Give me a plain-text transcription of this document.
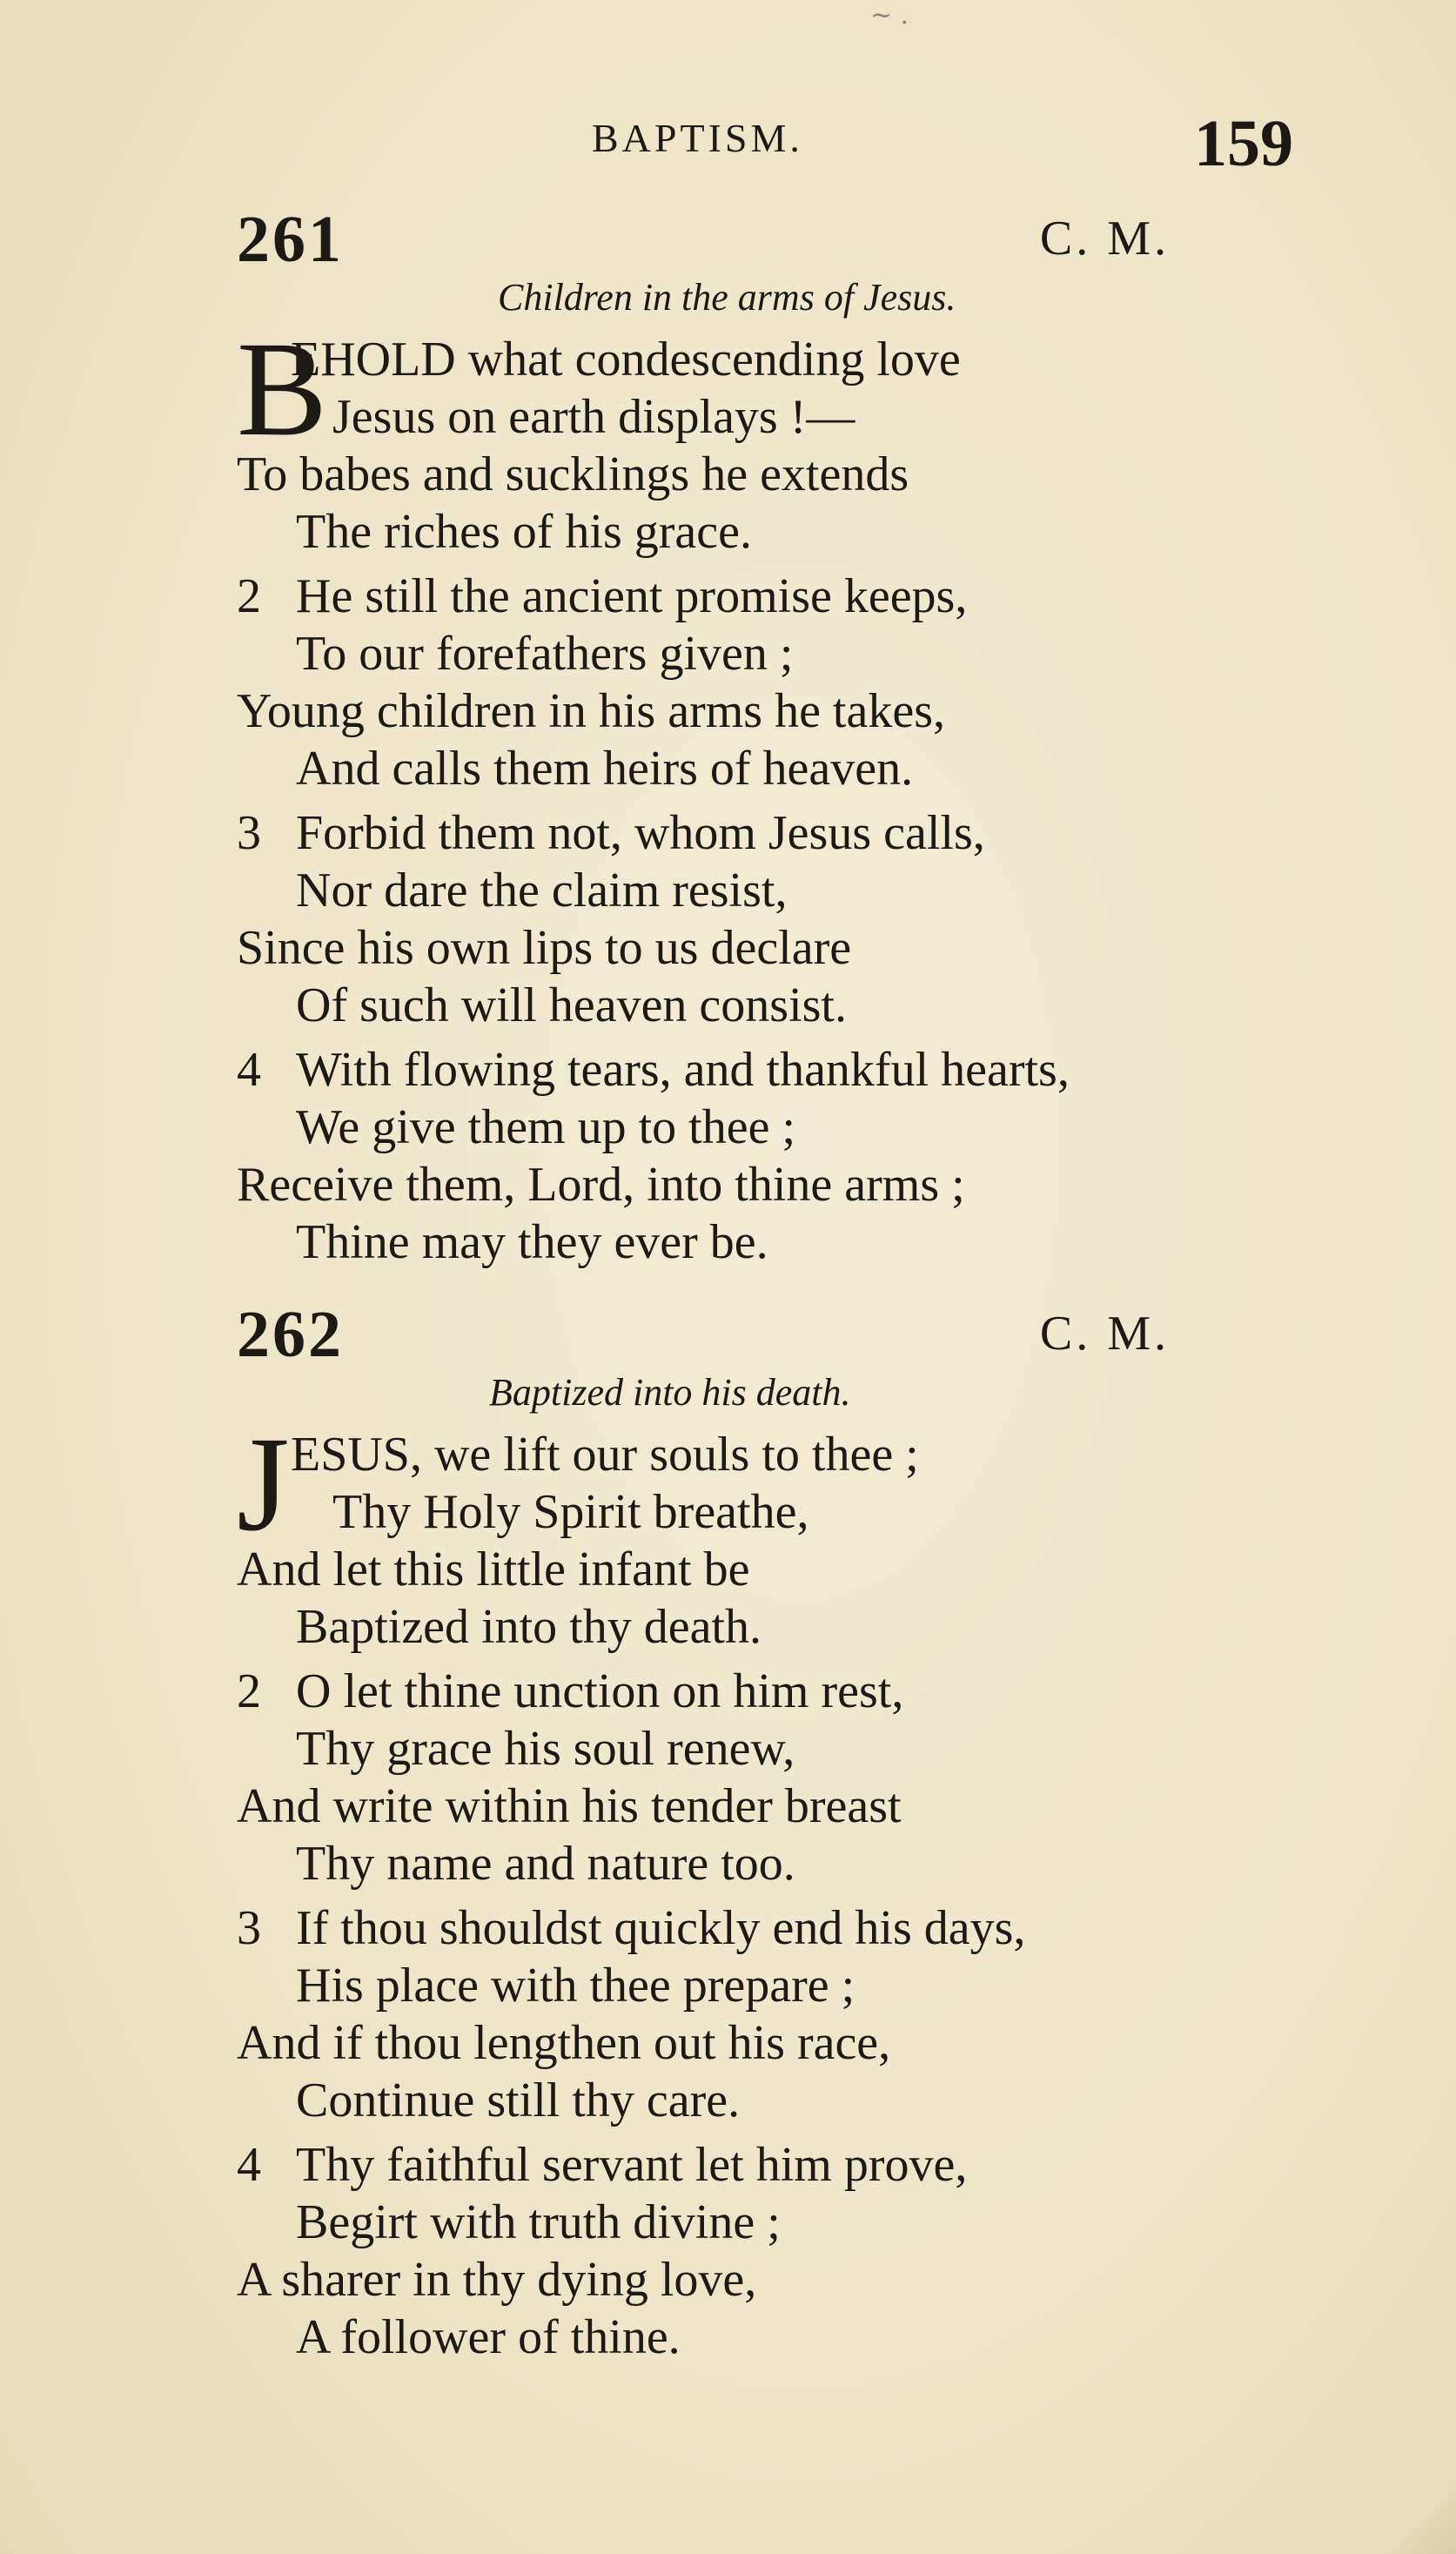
~ .
BAPTISM.	159
261	C. M.
Children in the arms of Jesus.
B
EHOLD what condescending love
Jesus on earth displays !—
To babes and sucklings he extends
The riches of his grace.
2 He still the ancient promise keeps,
To our forefathers given ;
Young children in his arms he takes,
And calls them heirs of heaven.
3 Forbid them not, whom Jesus calls,
Nor dare the claim resist,
Since his own lips to us declare
Of such will heaven consist.
4 With flowing tears, and thankful hearts,
We give them up to thee ;
Receive them, Lord, into thine arms ;
Thine may they ever be.
262	C. M.
Baptized into his death.
J ESUS, we lift our souls to thee ;
Thy Holy Spirit breathe,
And let this little infant be
Baptized into thy death.
2 O let thine unction on him rest,
Thy grace his soul renew,
And write within his tender breast
Thy name and nature too.
3 If thou shouldst quickly end his days,
His place with thee prepare ;
And if thou lengthen out his race,
Continue still thy care.
4 Thy faithful servant let him prove,
Begirt with truth divine ;
A sharer in thy dying love,
A follower of thine.
